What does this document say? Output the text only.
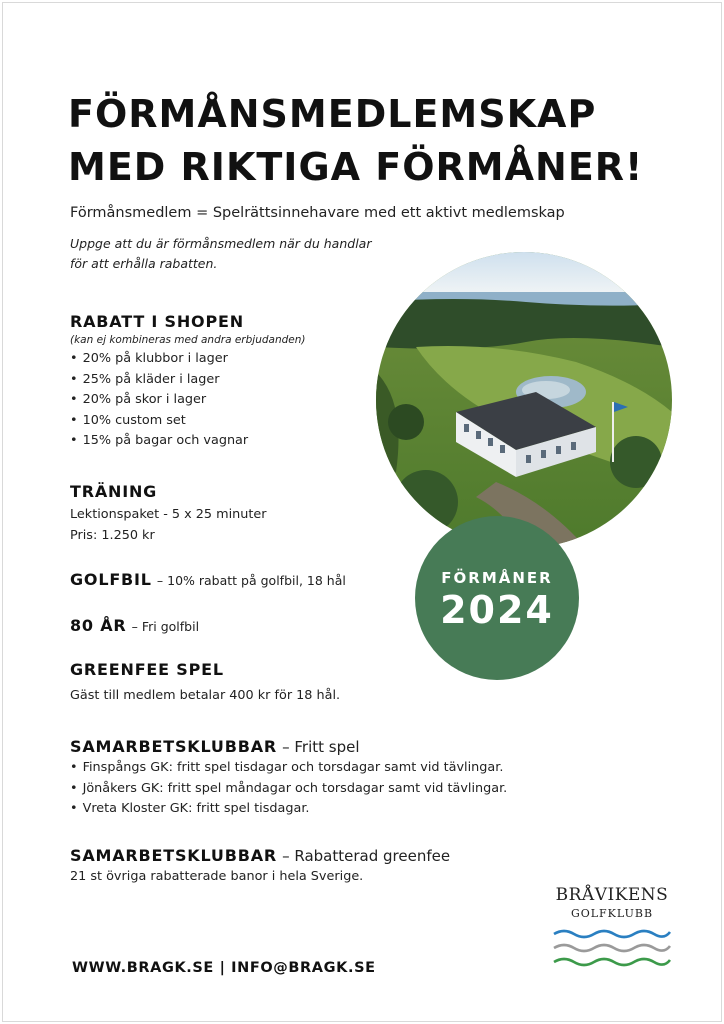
FÖRMÅNSMEDLEMSKAP
MED RIKTIGA FÖRMÅNER!
Förmånsmedlem = Spelrättsinnehavare med ett aktivt medlemskap
Uppge att du är förmånsmedlem när du handlar
för att erhålla rabatten.
RABATT I SHOPEN
(kan ej kombineras med andra erbjudanden)
• 20% på klubbor i lager
• 25% på kläder i lager
• 20% på skor i lager
• 10% custom set
• 15% på bagar och vagnar
TRÄNING
Lektionspaket - 5 x 25 minuter
Pris: 1.250 kr
GOLFBIL – 10% rabatt på golfbil, 18 hål
80 ÅR – Fri golfbil
GREENFEE SPEL
Gäst till medlem betalar 400 kr för 18 hål.
SAMARBETSKLUBBAR – Fritt spel
• Finspångs GK: fritt spel tisdagar och torsdagar samt vid tävlingar.
• Jönåkers GK: fritt spel måndagar och torsdagar samt vid tävlingar.
• Vreta Kloster GK: fritt spel tisdagar.
SAMARBETSKLUBBAR – Rabatterad greenfee
21 st övriga rabatterade banor i hela Sverige.
FÖRMÅNER
2024
BRÅVIKENS
GOLFKLUBB
WWW.BRAGK.SE | INFO@BRAGK.SE
